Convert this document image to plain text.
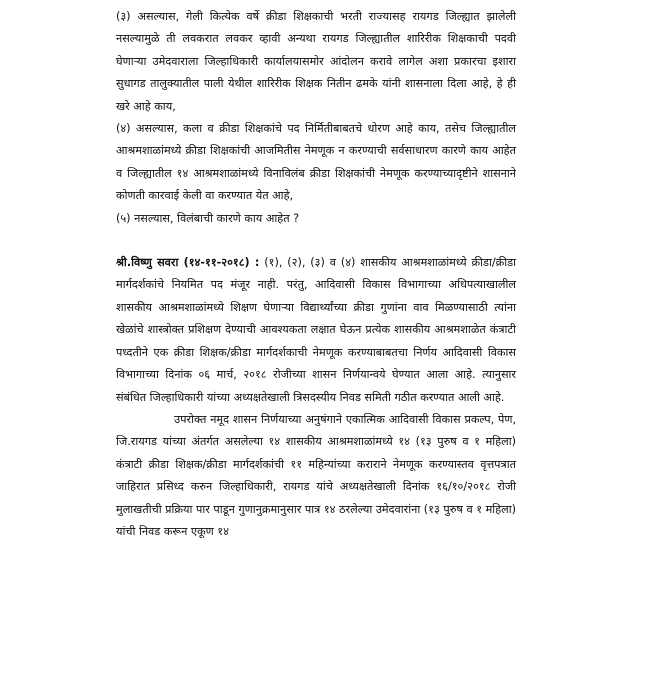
(३) असल्यास, गेली कित्येक वर्षे क्रीडा शिक्षकाची भरती राज्यासह रायगड जिल्ह्यात झालेली नसल्यामुळे ती लवकरात लवकर व्हावी अन्यथा रायगड जिल्ह्यातील शारिरीक शिक्षकाची पदवी घेणाऱ्या उमेदवाराला जिल्हाधिकारी कार्यालयासमोर आंदोलन करावे लागेल अशा प्रकारचा इशारा सुधागड तालुक्यातील पाली येथील शारिरीक शिक्षक नितीन ढमके यांनी शासनाला दिला आहे, हे ही खरे आहे काय,

(४) असल्यास, कला व क्रीडा शिक्षकांचे पद निर्मितीबाबतचे धोरण आहे काय, तसेच जिल्ह्यातील आश्रमशाळांमध्ये क्रीडा शिक्षकांची आजमितीस नेमणूक न करण्याची सर्वसाधारण कारणे काय आहेत व जिल्ह्यातील १४ आश्रमशाळांमध्ये विनाविलंब क्रीडा शिक्षकांची नेमणूक करण्याच्यादृष्टीने शासनाने कोणती कारवाई केली वा करण्यात येत आहे,

(५) नसल्यास, विलंबाची कारणे काय आहेत ?

श्री.विष्णु सवरा (१४-११-२०१८) : (१), (२), (३) व (४) शासकीय आश्रमशाळांमध्ये क्रीडा/क्रीडा मार्गदर्शकांचे नियमित पद मंजूर नाही. परंतु, आदिवासी विकास विभागाच्या अधिपत्याखालील शासकीय आश्रमशाळांमध्ये शिक्षण घेणाऱ्या विद्यार्थ्यांच्या क्रीडा गुणांना वाव मिळण्यासाठी त्यांना खेळांचे शास्त्रोक्त प्रशिक्षण देण्याची आवश्यकता लक्षात घेऊन प्रत्येक शासकीय आश्रमशाळेत कंत्राटी पध्दतीने एक क्रीडा शिक्षक/क्रीडा मार्गदर्शकाची नेमणूक करण्याबाबतचा निर्णय आदिवासी विकास विभागाच्या दिनांक ०६ मार्च, २०१८ रोजीच्या शासन निर्णयान्वये घेण्यात आला आहे. त्यानुसार संबंधित जिल्हाधिकारी यांच्या अध्यक्षतेखाली त्रिसदस्यीय निवड समिती गठीत करण्यात आली आहे.

उपरोक्त नमूद शासन निर्णयाच्या अनुषंगाने एकात्मिक आदिवासी विकास प्रकल्प, पेण, जि.रायगड यांच्या अंतर्गत असलेल्या १४ शासकीय आश्रमशाळांमध्ये १४ (१३ पुरुष व १ महिला) कंत्राटी क्रीडा शिक्षक/क्रीडा मार्गदर्शकांची ११ महिन्यांच्या कराराने नेमणूक करण्यास्तव वृत्तपत्रात जाहिरात प्रसिध्द करुन जिल्हाधिकारी, रायगड यांचे अध्यक्षतेखाली दिनांक १६/१०/२०१८ रोजी मुलाखतीची प्रक्रिया पार पाडून गुणानुक्रमानुसार पात्र १४ ठरलेल्या उमेदवारांना (१३ पुरुष व १ महिला) यांची निवड करून एकूण १४
